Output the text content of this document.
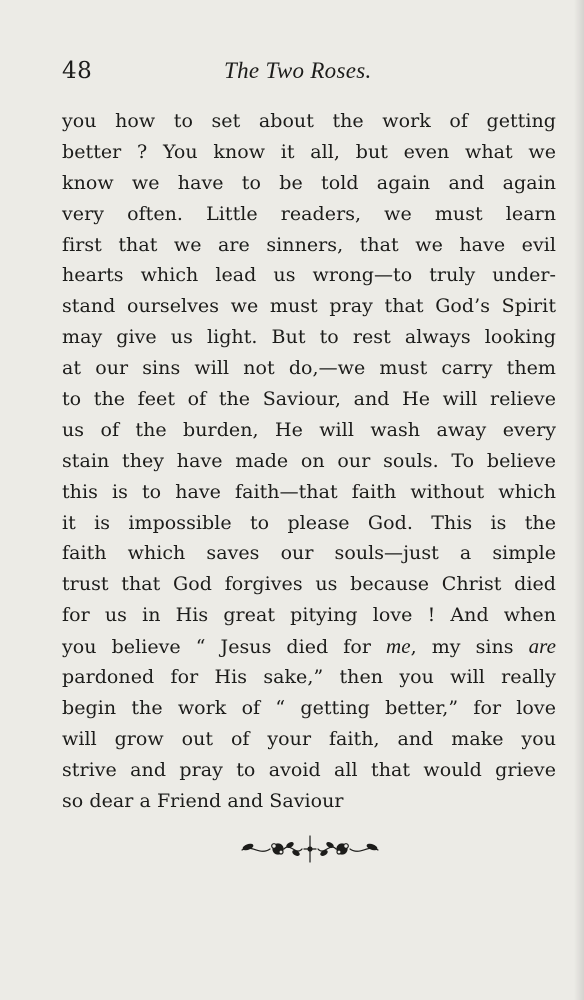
48	The Two Roses.
you how to set about the work of getting
better ? You know it all, but even what we
know we have to be told again and again
very often. Little readers, we must learn
first that we are sinners, that we have evil
hearts which lead us wrong—to truly under-
stand ourselves we must pray that God’s Spirit
may give us light. But to rest always looking
at our sins will not do,—we must carry them
to the feet of the Saviour, and He will relieve
us of the burden, He will wash away every
stain they have made on our souls. To believe
this is to have faith—that faith without which
it is impossible to please God. This is the
faith which saves our souls—just a simple
trust that God forgives us because Christ died
for us in His great pitying love ! And when
you believe “ Jesus died for me, my sins are
pardoned for His sake,” then you will really
begin the work of “ getting better,” for love
will grow out of your faith, and make you
strive and pray to avoid all that would grieve
so dear a Friend and Saviour
